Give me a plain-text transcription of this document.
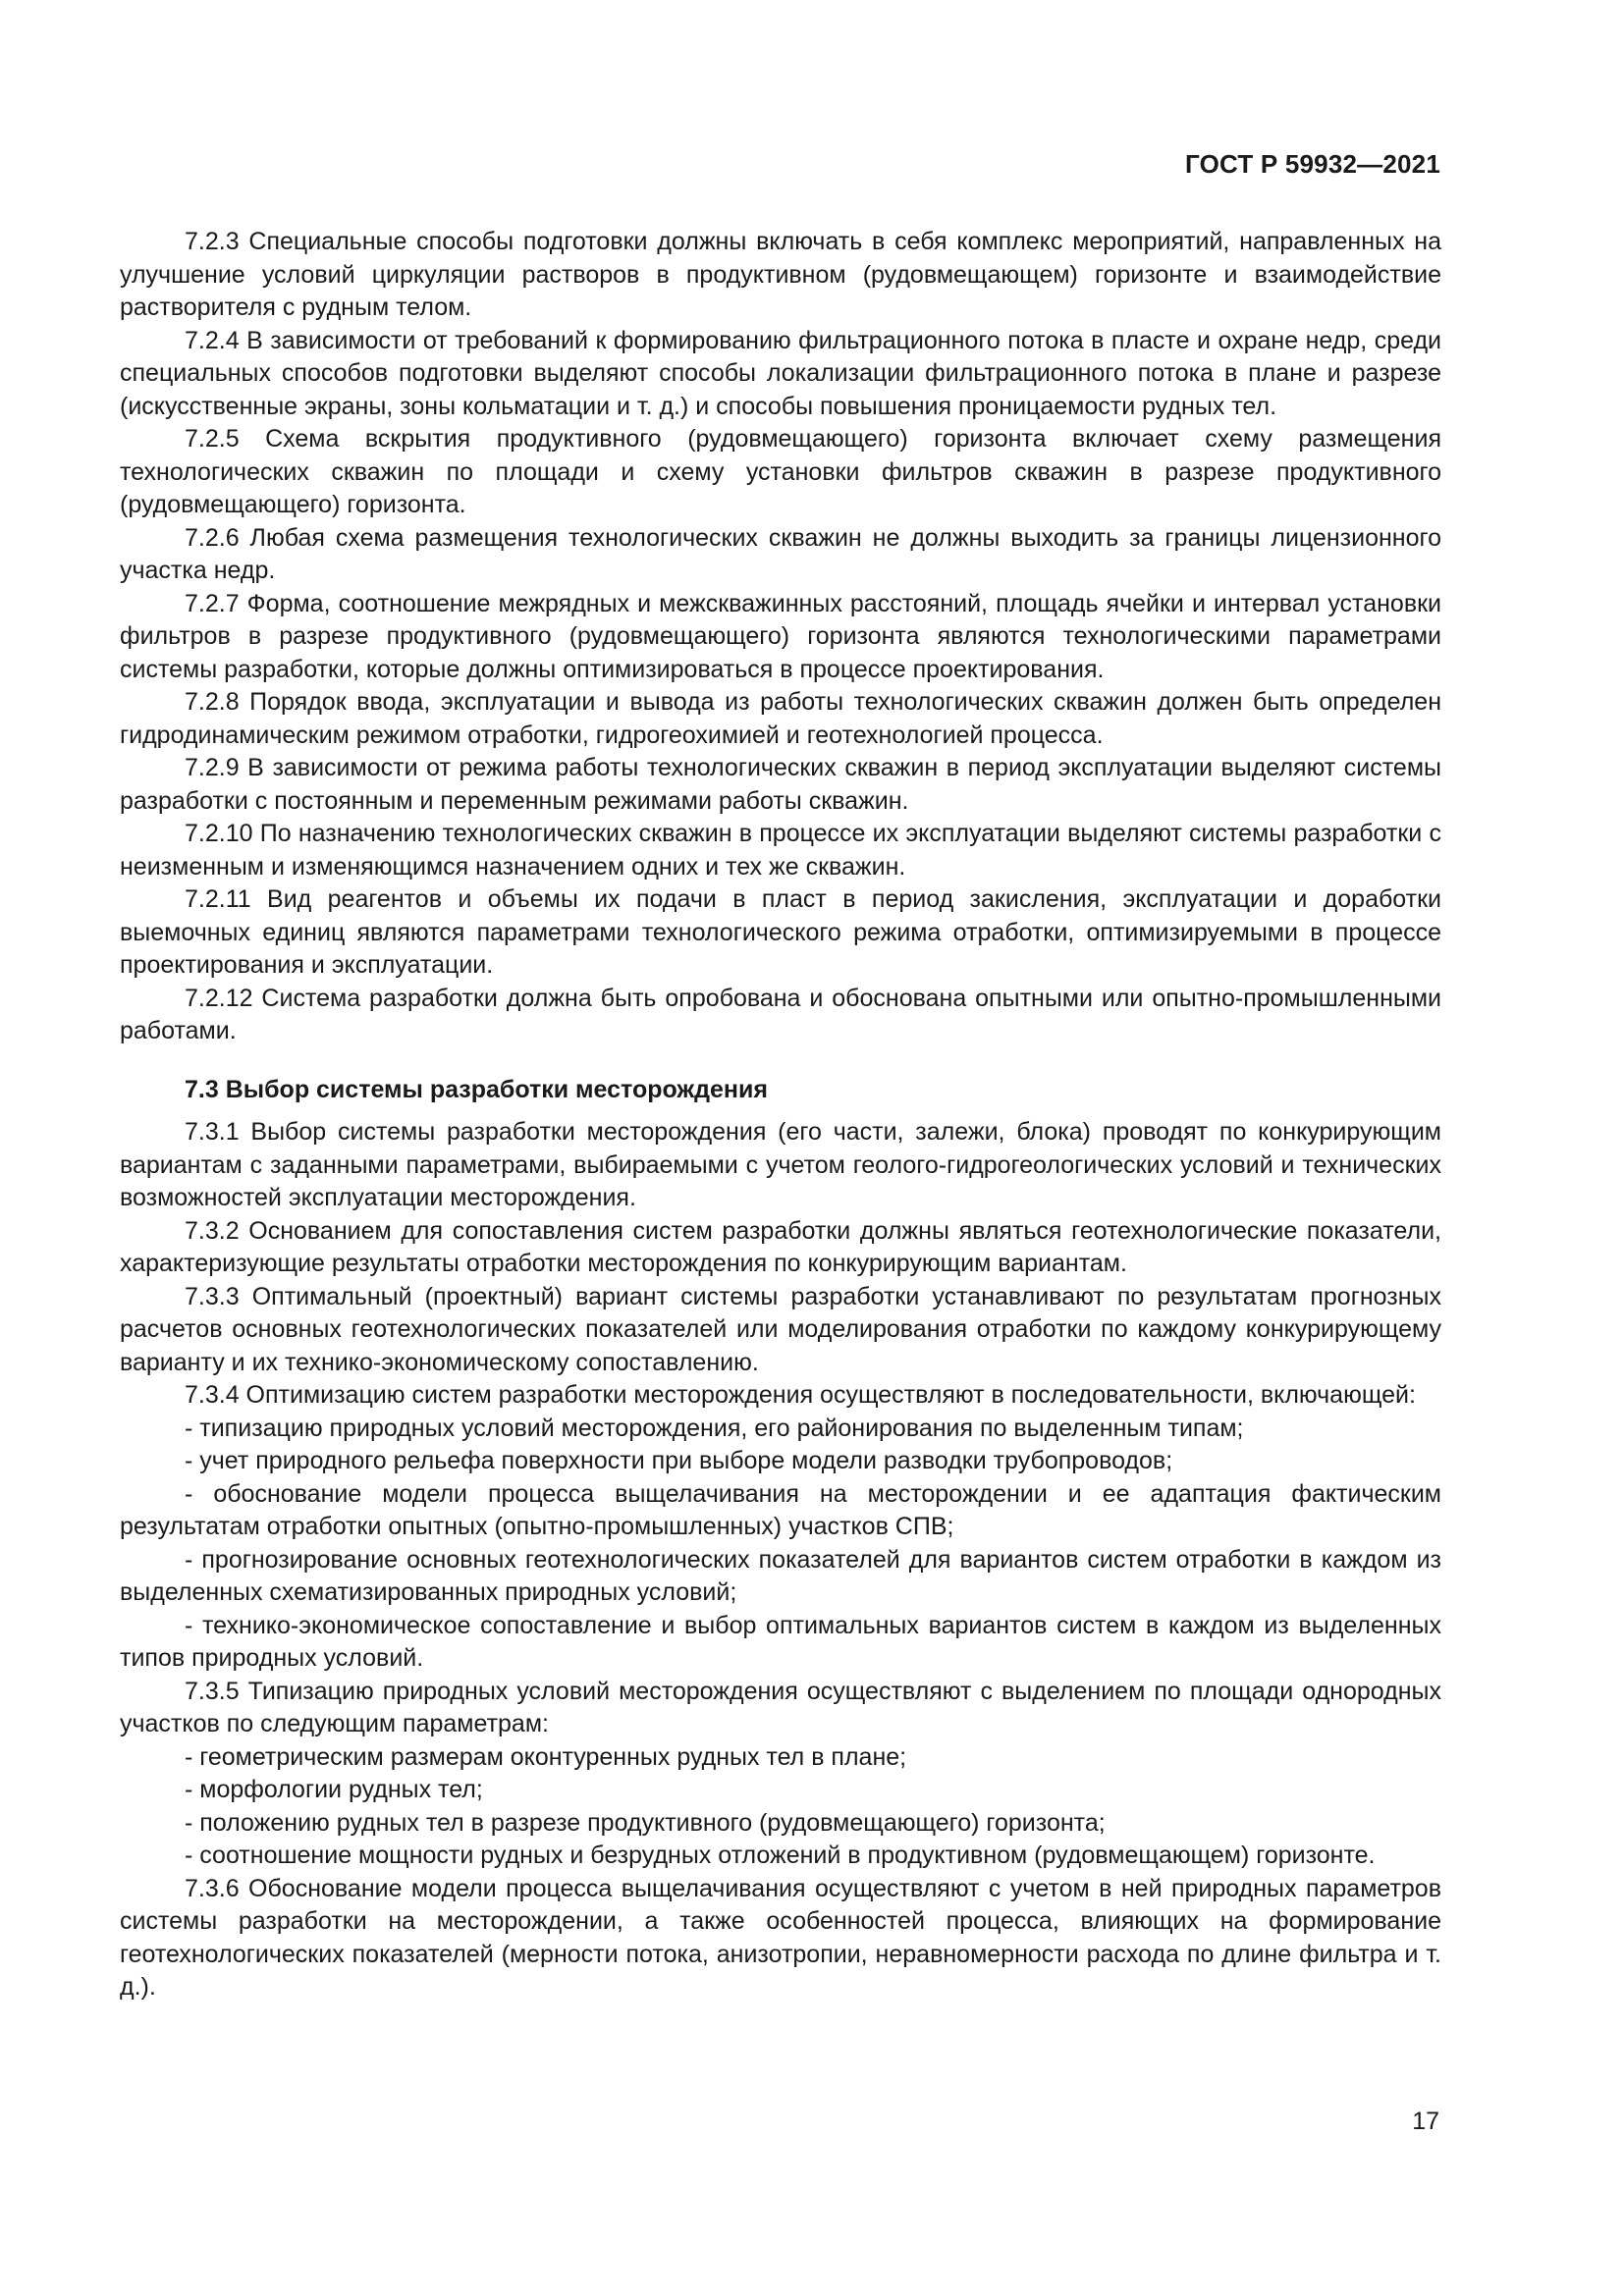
ГОСТ Р 59932—2021

7.2.3 Специальные способы подготовки должны включать в себя комплекс мероприятий, направленных на улучшение условий циркуляции растворов в продуктивном (рудовмещающем) горизонте и взаимодействие растворителя с рудным телом.

7.2.4 В зависимости от требований к формированию фильтрационного потока в пласте и охране недр, среди специальных способов подготовки выделяют способы локализации фильтрационного потока в плане и разрезе (искусственные экраны, зоны кольматации и т. д.) и способы повышения проницаемости рудных тел.

7.2.5 Схема вскрытия продуктивного (рудовмещающего) горизонта включает схему размещения технологических скважин по площади и схему установки фильтров скважин в разрезе продуктивного (рудовмещающего) горизонта.

7.2.6 Любая схема размещения технологических скважин не должны выходить за границы лицензионного участка недр.

7.2.7 Форма, соотношение межрядных и межскважинных расстояний, площадь ячейки и интервал установки фильтров в разрезе продуктивного (рудовмещающего) горизонта являются технологическими параметрами системы разработки, которые должны оптимизироваться в процессе проектирования.

7.2.8 Порядок ввода, эксплуатации и вывода из работы технологических скважин должен быть определен гидродинамическим режимом отработки, гидрогеохимией и геотехнологией процесса.

7.2.9 В зависимости от режима работы технологических скважин в период эксплуатации выделяют системы разработки с постоянным и переменным режимами работы скважин.

7.2.10 По назначению технологических скважин в процессе их эксплуатации выделяют системы разработки с неизменным и изменяющимся назначением одних и тех же скважин.

7.2.11 Вид реагентов и объемы их подачи в пласт в период закисления, эксплуатации и доработки выемочных единиц являются параметрами технологического режима отработки, оптимизируемыми в процессе проектирования и эксплуатации.

7.2.12 Система разработки должна быть опробована и обоснована опытными или опытно-промышленными работами.

7.3 Выбор системы разработки месторождения

7.3.1 Выбор системы разработки месторождения (его части, залежи, блока) проводят по конкурирующим вариантам с заданными параметрами, выбираемыми с учетом геолого-гидрогеологических условий и технических возможностей эксплуатации месторождения.

7.3.2 Основанием для сопоставления систем разработки должны являться геотехнологические показатели, характеризующие результаты отработки месторождения по конкурирующим вариантам.

7.3.3 Оптимальный (проектный) вариант системы разработки устанавливают по результатам прогнозных расчетов основных геотехнологических показателей или моделирования отработки по каждому конкурирующему варианту и их технико-экономическому сопоставлению.

7.3.4 Оптимизацию систем разработки месторождения осуществляют в последовательности, включающей:

- типизацию природных условий месторождения, его районирования по выделенным типам;

- учет природного рельефа поверхности при выборе модели разводки трубопроводов;

- обоснование модели процесса выщелачивания на месторождении и ее адаптация фактическим результатам отработки опытных (опытно-промышленных) участков СПВ;

- прогнозирование основных геотехнологических показателей для вариантов систем отработки в каждом из выделенных схематизированных природных условий;

- технико-экономическое сопоставление и выбор оптимальных вариантов систем в каждом из выделенных типов природных условий.

7.3.5 Типизацию природных условий месторождения осуществляют с выделением по площади однородных участков по следующим параметрам:

- геометрическим размерам оконтуренных рудных тел в плане;

- морфологии рудных тел;

- положению рудных тел в разрезе продуктивного (рудовмещающего) горизонта;

- соотношение мощности рудных и безрудных отложений в продуктивном (рудовмещающем) горизонте.

7.3.6 Обоснование модели процесса выщелачивания осуществляют с учетом в ней природных параметров системы разработки на месторождении, а также особенностей процесса, влияющих на формирование геотехнологических показателей (мерности потока, анизотропии, неравномерности расхода по длине фильтра и т. д.).

17
